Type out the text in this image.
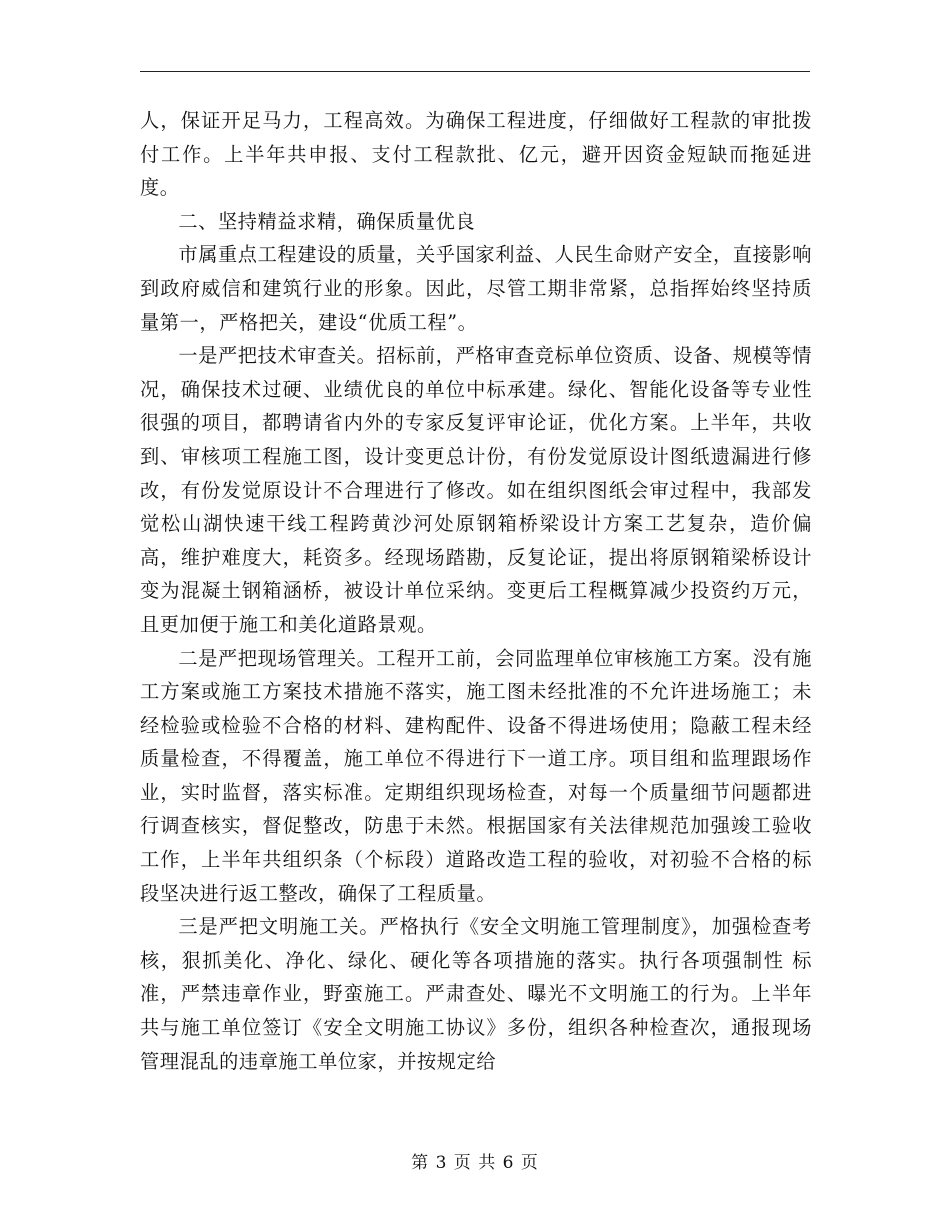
人，保证开足马力，工程高效。为确保工程进度，仔细做好工程款的审批拨付工作。上半年共申报、支付工程款批、亿元，避开因资金短缺而拖延进度。

二、坚持精益求精，确保质量优良

市属重点工程建设的质量，关乎国家利益、人民生命财产安全，直接影响到政府威信和建筑行业的形象。因此，尽管工期非常紧，总指挥始终坚持质量第一，严格把关，建设“优质工程”。

一是严把技术审查关。招标前，严格审查竞标单位资质、设备、规模等情况，确保技术过硬、业绩优良的单位中标承建。绿化、智能化设备等专业性很强的项目，都聘请省内外的专家反复评审论证，优化方案。上半年，共收到、审核项工程施工图，设计变更总计份，有份发觉原设计图纸遗漏进行修改，有份发觉原设计不合理进行了修改。如在组织图纸会审过程中，我部发觉松山湖快速干线工程跨黄沙河处原钢箱桥梁设计方案工艺复杂，造价偏高，维护难度大，耗资多。经现场踏勘，反复论证，提出将原钢箱梁桥设计变为混凝土钢箱涵桥，被设计单位采纳。变更后工程概算减少投资约万元，且更加便于施工和美化道路景观。

二是严把现场管理关。工程开工前，会同监理单位审核施工方案。没有施工方案或施工方案技术措施不落实，施工图未经批准的不允许进场施工；未经检验或检验不合格的材料、建构配件、设备不得进场使用；隐蔽工程未经质量检查，不得覆盖，施工单位不得进行下一道工序。项目组和监理跟场作业，实时监督，落实标准。定期组织现场检查，对每一个质量细节问题都进行调查核实，督促整改，防患于未然。根据国家有关法律规范加强竣工验收工作，上半年共组织条（个标段）道路改造工程的验收，对初验不合格的标段坚决进行返工整改，确保了工程质量。

三是严把文明施工关。严格执行《安全文明施工管理制度》，加强检查考核，狠抓美化、净化、绿化、硬化等各项措施的落实。执行各项强制性 标准，严禁违章作业，野蛮施工。严肃查处、曝光不文明施工的行为。上半年共与施工单位签订《安全文明施工协议》多份，组织各种检查次，通报现场管理混乱的违章施工单位家，并按规定给

第 3 页 共 6 页
